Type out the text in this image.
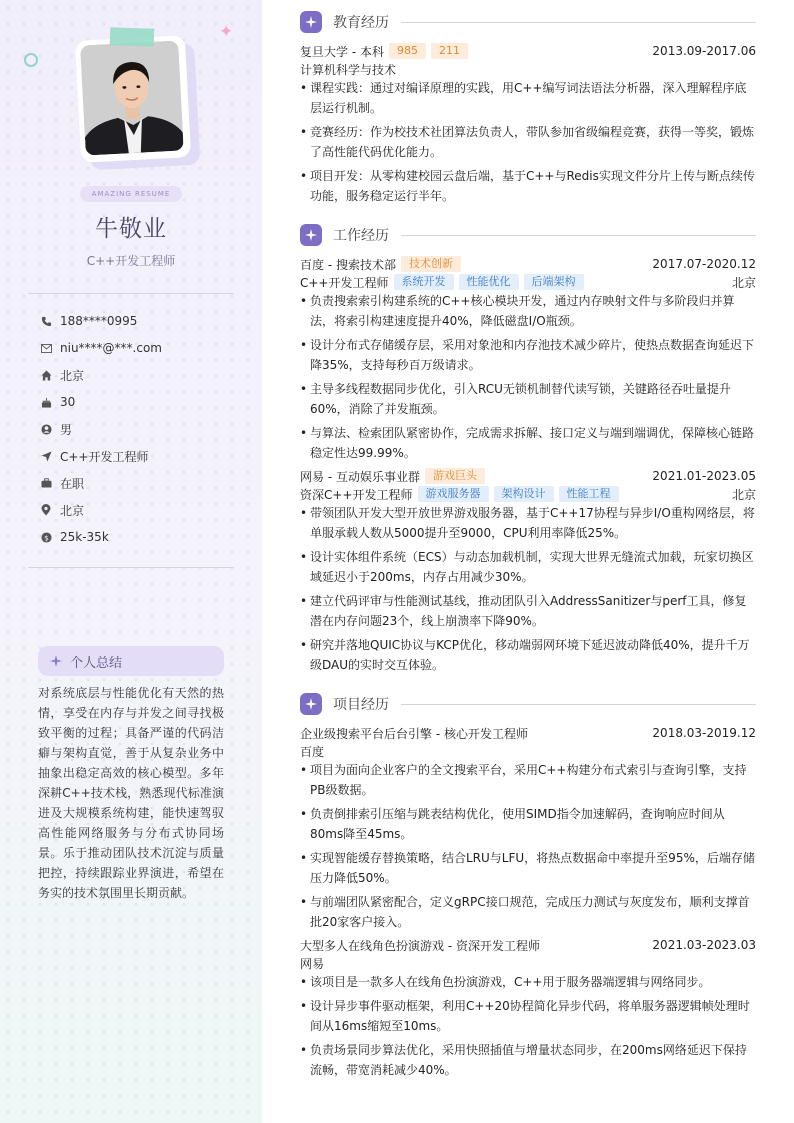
✦
AMAZING RESUME
牛敬业
C++开发工程师
188****0995
niu****@***.com
北京
30
男
C++开发工程师
在职
北京
$ 25k-35k
个人总结
对系统底层与性能优化有天然的热情，享受在内存与并发之间寻找极致平衡的过程；具备严谨的代码洁癖与架构直觉，善于从复杂业务中抽象出稳定高效的核心模型。多年深耕C++技术栈，熟悉现代标准演进及大规模系统构建，能快速驾驭高性能网络服务与分布式协同场景。乐于推动团队技术沉淀与质量把控，持续跟踪业界演进，希望在务实的技术氛围里长期贡献。
教育经历
复旦大学 - 本科	985	211	2013.09-2017.06
计算机科学与技术
• 课程实践：通过对编译原理的实践，用C++编写词法语法分析器，深入理解程序底层运行机制。
• 竞赛经历：作为校技术社团算法负责人，带队参加省级编程竞赛，获得一等奖，锻炼了高性能代码优化能力。
• 项目开发：从零构建校园云盘后端，基于C++与Redis实现文件分片上传与断点续传功能，服务稳定运行半年。
工作经历
百度 - 搜索技术部	技术创新	2017.07-2020.12
C++开发工程师	系统开发	性能优化	后端架构	北京
• 负责搜索索引构建系统的C++核心模块开发，通过内存映射文件与多阶段归并算法，将索引构建速度提升40%，降低磁盘I/O瓶颈。
• 设计分布式存储缓存层，采用对象池和内存池技术减少碎片，使热点数据查询延迟下降35%，支持每秒百万级请求。
• 主导多线程数据同步优化，引入RCU无锁机制替代读写锁，关键路径吞吐量提升60%，消除了并发瓶颈。
• 与算法、检索团队紧密协作，完成需求拆解、接口定义与端到端调优，保障核心链路稳定性达99.99%。
网易 - 互动娱乐事业群	游戏巨头	2021.01-2023.05
资深C++开发工程师	游戏服务器	架构设计	性能工程	北京
• 带领团队开发大型开放世界游戏服务器，基于C++17协程与异步I/O重构网络层，将单服承载人数从5000提升至9000，CPU利用率降低25%。
• 设计实体组件系统（ECS）与动态加载机制，实现大世界无缝流式加载，玩家切换区域延迟小于200ms，内存占用减少30%。
• 建立代码评审与性能测试基线，推动团队引入AddressSanitizer与perf工具，修复潜在内存问题23个，线上崩溃率下降90%。
• 研究并落地QUIC协议与KCP优化，移动端弱网环境下延迟波动降低40%，提升千万级DAU的实时交互体验。
项目经历
企业级搜索平台后台引擎 - 核心开发工程师	2018.03-2019.12
百度
• 项目为面向企业客户的全文搜索平台，采用C++构建分布式索引与查询引擎，支持PB级数据。
• 负责倒排索引压缩与跳表结构优化，使用SIMD指令加速解码，查询响应时间从80ms降至45ms。
• 实现智能缓存替换策略，结合LRU与LFU，将热点数据命中率提升至95%，后端存储压力降低50%。
• 与前端团队紧密配合，定义gRPC接口规范，完成压力测试与灰度发布，顺利支撑首批20家客户接入。
大型多人在线角色扮演游戏 - 资深开发工程师	2021.03-2023.03
网易
• 该项目是一款多人在线角色扮演游戏，C++用于服务器端逻辑与网络同步。
• 设计异步事件驱动框架，利用C++20协程简化异步代码，将单服务器逻辑帧处理时间从16ms缩短至10ms。
• 负责场景同步算法优化，采用快照插值与增量状态同步，在200ms网络延迟下保持流畅，带宽消耗减少40%。
